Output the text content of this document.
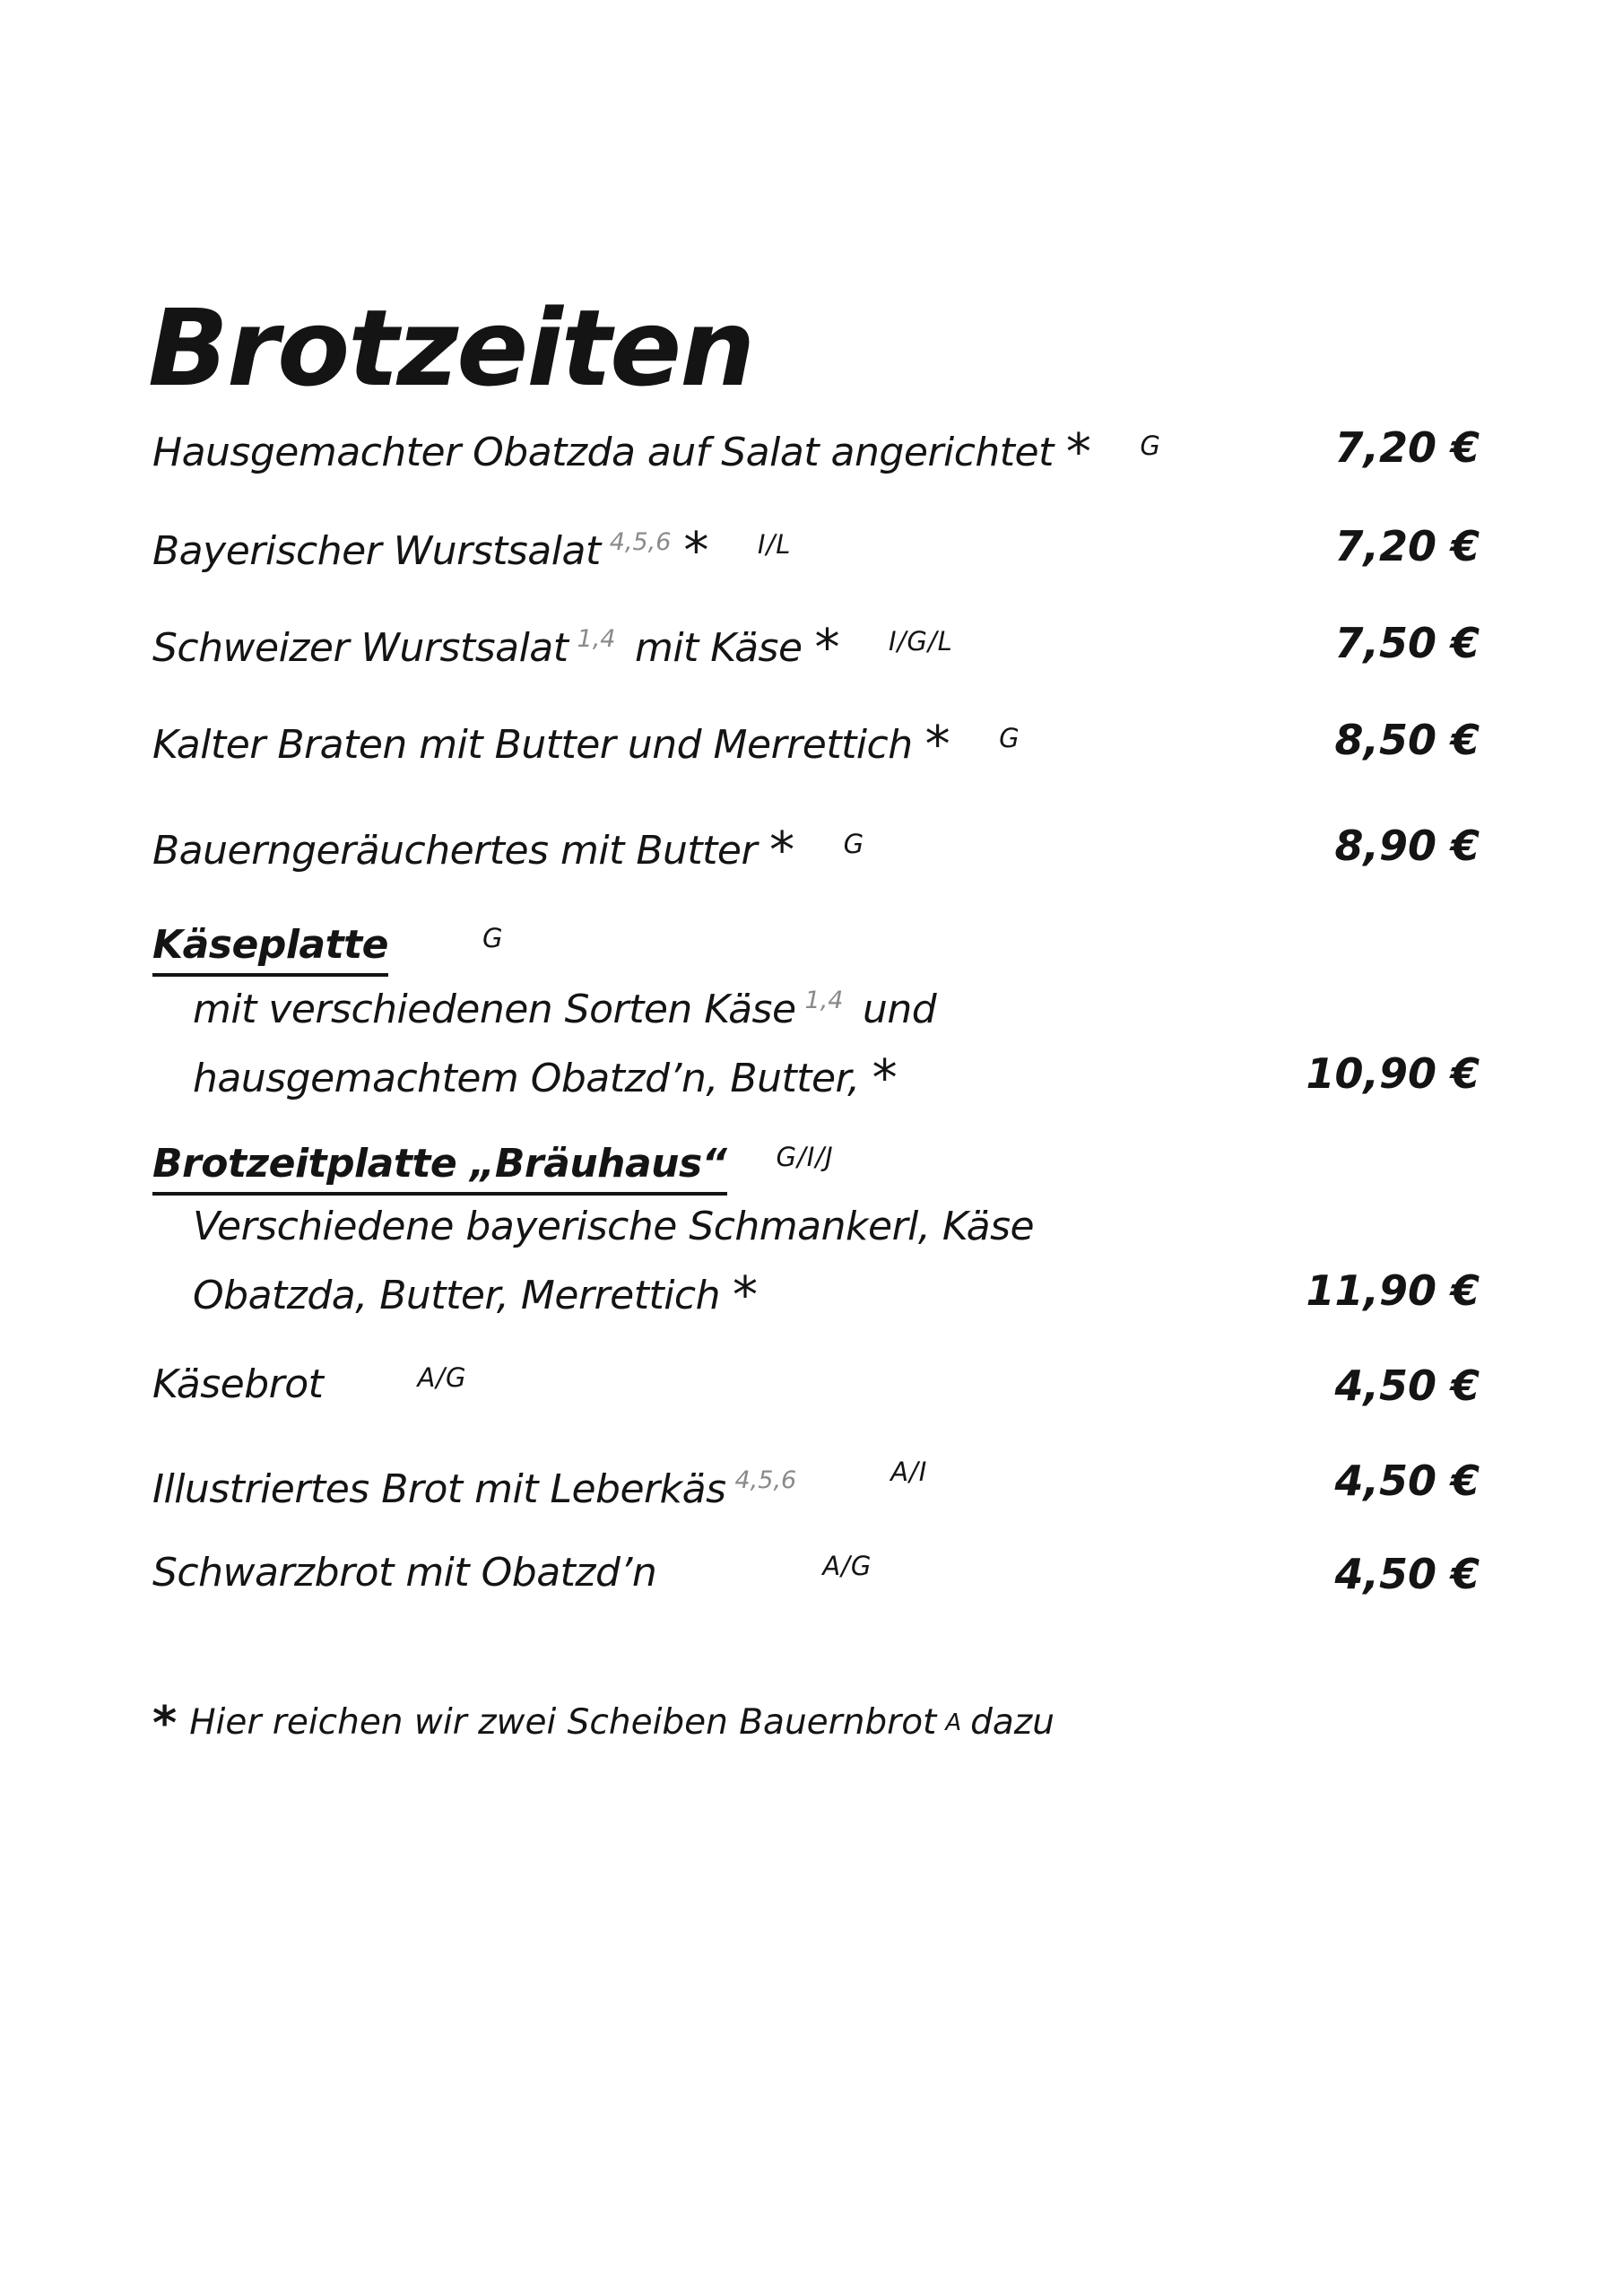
Brotzeiten
Hausgemachter Obatzda auf Salat angerichtet * $^G$	7,20 €
Bayerischer Wurstsalat $^{4,5,6}$ * $^{I/L}$	7,20 €
Schweizer Wurstsalat $^{1,4}$ mit Käse * $^{I/G/L}$	7,50 €
Kalter Braten mit Butter und Merrettich * $^G$	8,50 €
Bauerngeräuchertes mit Butter * $^G$	8,90 €
Käseplatte	$^G$
mit verschiedenen Sorten Käse $^{1,4}$ und
hausgemachtem Obatzd’n, Butter, *	10,90 €
Brotzeitplatte „Bräuhaus“ $^{G/I/J}$
Verschiedene bayerische Schmankerl, Käse
Obatzda, Butter, Merrettich *	11,90 €
Käsebrot	$^{A/G}$	4,50 €
Illustriertes Brot mit Leberkäs $^{4,5,6}$	$^{A/I}$	4,50 €
Schwarzbrot mit Obatzd’n	$^{A/G}$	4,50 €
* Hier reichen wir zwei Scheiben Bauernbrot A dazu
